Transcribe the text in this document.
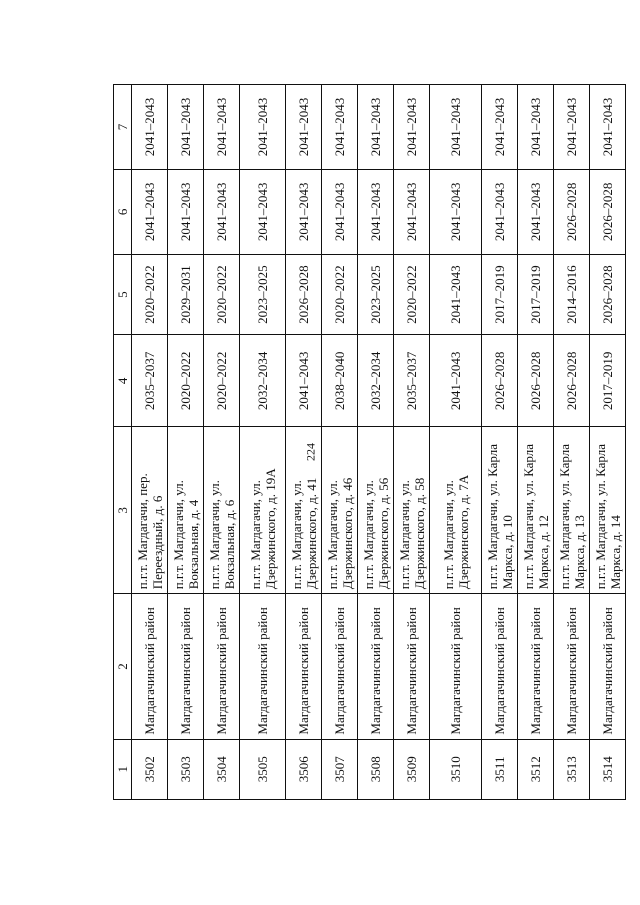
224
1	2	3	4	5	6	7
3502	Магдагачинский район	п.г.т. Магдагачи, пер. Переездный, д. 6	2035–2037	2020–2022	2041–2043	2041–2043
3503	Магдагачинский район	п.г.т. Магдагачи, ул. Вокзальная, д. 4	2020–2022	2029–2031	2041–2043	2041–2043
3504	Магдагачинский район	п.г.т. Магдагачи, ул. Вокзальная, д. 6	2020–2022	2020–2022	2041–2043	2041–2043
3505	Магдагачинский район	п.г.т. Магдагачи, ул. Дзержинского, д. 19А	2032–2034	2023–2025	2041–2043	2041–2043
3506	Магдагачинский район	п.г.т. Магдагачи, ул. Дзержинского, д. 41	2041–2043	2026–2028	2041–2043	2041–2043
3507	Магдагачинский район	п.г.т. Магдагачи, ул. Дзержинского, д. 46	2038–2040	2020–2022	2041–2043	2041–2043
3508	Магдагачинский район	п.г.т. Магдагачи, ул. Дзержинского, д. 56	2032–2034	2023–2025	2041–2043	2041–2043
3509	Магдагачинский район	п.г.т. Магдагачи, ул. Дзержинского, д. 58	2035–2037	2020–2022	2041–2043	2041–2043
3510	Магдагачинский район	п.г.т. Магдагачи, ул. Дзержинского, д. 7А	2041–2043	2041–2043	2041–2043	2041–2043
3511	Магдагачинский район	п.г.т. Магдагачи, ул. Карла Маркса, д. 10	2026–2028	2017–2019	2041–2043	2041–2043
3512	Магдагачинский район	п.г.т. Магдагачи, ул. Карла Маркса, д. 12	2026–2028	2017–2019	2041–2043	2041–2043
3513	Магдагачинский район	п.г.т. Магдагачи, ул. Карла Маркса, д. 13	2026–2028	2014–2016	2026–2028	2041–2043
3514	Магдагачинский район	п.г.т. Магдагачи, ул. Карла Маркса, д. 14	2017–2019	2026–2028	2026–2028	2041–2043
